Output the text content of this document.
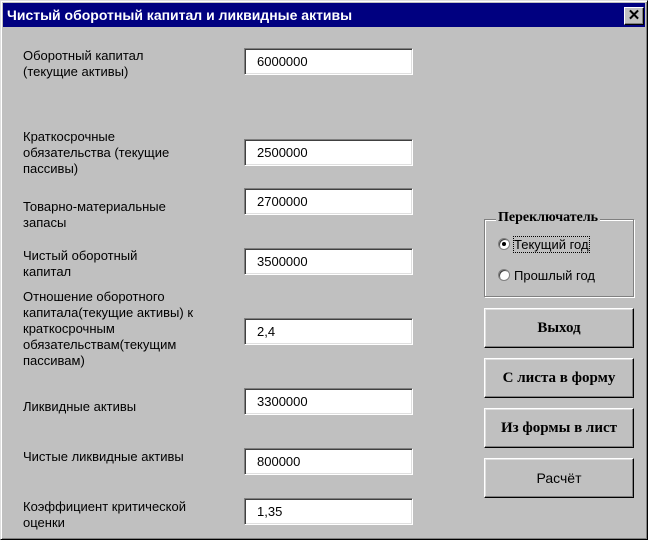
Чистый оборотный капитал и ликвидные активы	✕
Оборотный капитал
(текущие активы)
6000000
Краткосрочные
обязательства (текущие
пассивы)
2500000
Товарно-материальные
запасы
2700000
Чистый оборотный
капитал
3500000
Отношение оборотного
капитала(текущие активы) к
краткосрочным
обязательствам(текущим
пассивам)
2,4
Ликвидные активы
3300000
Чистые ликвидные активы
800000
Коэффициент критической
оценки
1,35
Переключатель
Текущий год
Прошлый год
Выход
С листа в форму
Из формы в лист
Расчёт
